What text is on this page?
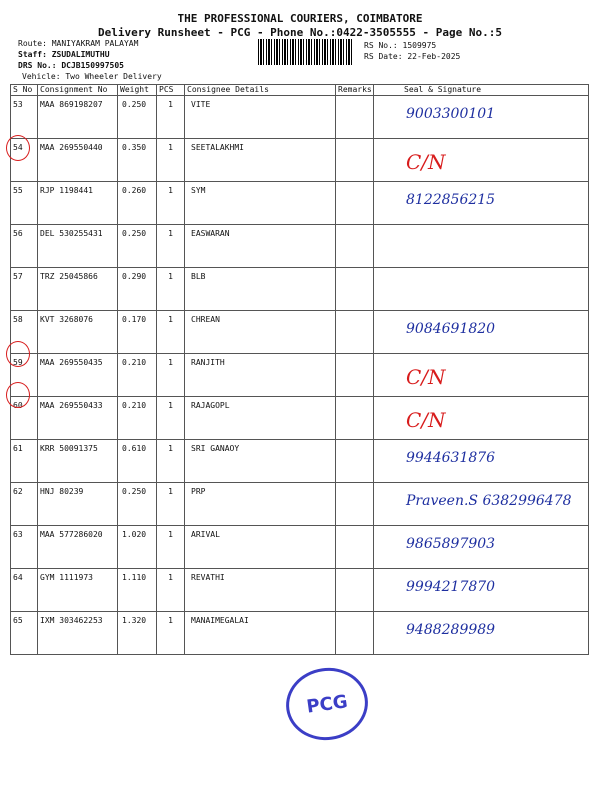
THE PROFESSIONAL COURIERS, COIMBATORE
Delivery Runsheet - PCG - Phone No.:0422-3505555 - Page No.:5
Route: MANIYAKRAM PALAYAM
Staff: ZSUDALIMUTHU
DRS No.: DCJB150997505
Vehicle: Two Wheeler Delivery
RS No.: 1509975
RS Date: 22-Feb-2025
S No	Consignment No	Weight	PCS	Consignee Details	Remarks	Seal & Signature
53	MAA 869198207	0.250	1	VITE		9003300101

54	MAA 269550440	0.350	1	SEETALAKHMI		C/N

55	RJP 1198441	0.260	1	SYM		8122856215

56	DEL 530255431	0.250	1	EASWARAN		
57	TRZ 25045866	0.290	1	BLB		
58	KVT 3268076	0.170	1	CHREAN		9084691820

59	MAA 269550435	0.210	1	RANJITH		C/N

60	MAA 269550433	0.210	1	RAJAGOPL		C/N

61	KRR 50091375	0.610	1	SRI GANAOY		9944631876

62	HNJ 80239	0.250	1	PRP		Praveen.S 6382996478

63	MAA 577286020	1.020	1	ARIVAL		9865897903

64	GYM 1111973	1.110	1	REVATHI		9994217870

65	IXM 303462253	1.320	1	MANAIMEGALAI		9488289989
PCG
